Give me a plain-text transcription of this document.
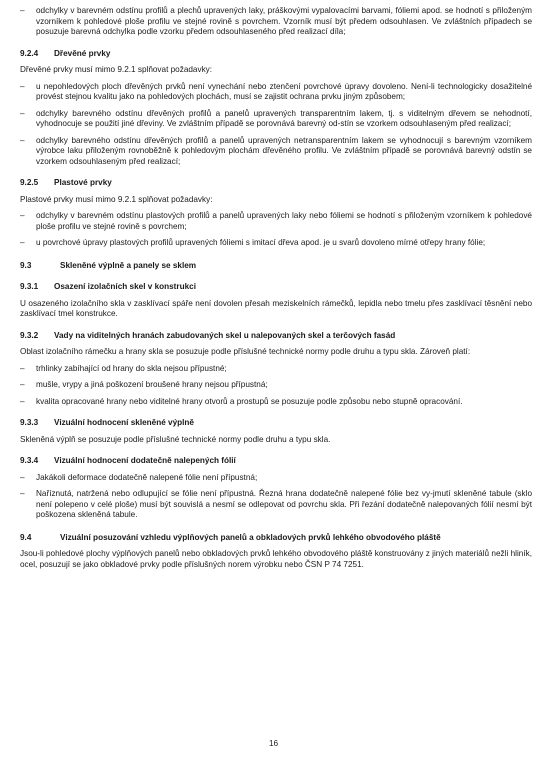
– odchylky v barevném odstínu profilů a plechů upravených laky, práškovými vypalovacími barvami, fóliemi apod. se hodnotí s přiloženým vzorníkem k pohledové ploše profilu ve stejné rovině s povrchem. Vzorník musí být předem odsouhlasen. Ve zvláštních případech se posuzuje barevná odchylka podle vzorku předem odsouhlaseného před realizací díla;
9.2.4	Dřevěné prvky
Dřevěné prvky musí mimo 9.2.1 splňovat požadavky:
– u nepohledových ploch dřevěných prvků není vynechání nebo ztenčení povrchové úpravy dovoleno. Není-li technologicky dosažitelné provést stejnou kvalitu jako na pohledových plochách, musí se zajistit ochrana prvku jiným způsobem;
– odchylky barevného odstínu dřevěných profilů a panelů upravených transparentním lakem, tj. s viditelným dřevem se nehodnotí, vyhodnocuje se použití jiné dřeviny. Ve zvláštním případě se porovnává barevný od-stín se vzorkem odsouhlaseným před realizací;
– odchylky barevného odstínu dřevěných profilů a panelů upravených netransparentním lakem se vyhodnocují s barevným vzorníkem výrobce laku přiloženým rovnoběžně k pohledovým plochám dřevěného profilu. Ve zvláštním případě se porovnává barevný odstín se vzorkem odsouhlaseným před realizací;
9.2.5	Plastové prvky
Plastové prvky musí mimo 9.2.1 splňovat požadavky:
– odchylky v barevném odstínu plastových profilů a panelů upravených laky nebo fóliemi se hodnotí s přiloženým vzorníkem k pohledové ploše profilu ve stejné rovině s povrchem;
– u povrchové úpravy plastových profilů upravených fóliemi s imitací dřeva apod. je u svarů dovoleno mírné otřepy hrany fólie;
9.3	Skleněné výplně a panely se sklem
9.3.1	Osazení izolačních skel v konstrukci
U osazeného izolačního skla v zasklívací spáře není dovolen přesah meziskelních rámečků, lepidla nebo tmelu přes zasklívací těsnění nebo zasklívací tmel konstrukce.
9.3.2	Vady na viditelných hranách zabudovaných skel u nalepovaných skel a terčových fasád
Oblast izolačního rámečku a hrany skla se posuzuje podle příslušné technické normy podle druhu a typu skla. Zároveň platí:
– trhlinky zabíhající od hrany do skla nejsou přípustné;
– mušle, vrypy a jiná poškození broušené hrany nejsou přípustná;
– kvalita opracované hrany nebo viditelné hrany otvorů a prostupů se posuzuje podle způsobu nebo stupně opracování.
9.3.3	Vizuální hodnocení skleněné výplně
Skleněná výplň se posuzuje podle příslušné technické normy podle druhu a typu skla.
9.3.4	Vizuální hodnocení dodatečně nalepených fólií
– Jakákoli deformace dodatečně nalepené fólie není přípustná;
– Naříznutá, natržená nebo odlupující se fólie není přípustná. Řezná hrana dodatečně nalepené fólie bez vy-jmutí skleněné tabule (sklo není polepeno v celé ploše) musí být souvislá a nesmí se odlepovat od povrchu skla. Při řezání dodatečně nalepovaných fólií nesmí být poškozena skleněná tabule.
9.4	Vizuální posuzování vzhledu výplňových panelů a obkladových prvků lehkého obvodového pláště
Jsou-li pohledové plochy výplňových panelů nebo obkladových prvků lehkého obvodového pláště konstruovány z jiných materiálů nežli hliník, ocel, posuzují se jako obkladové prvky podle příslušných norem výrobku nebo ČSN P 74 7251.
16
